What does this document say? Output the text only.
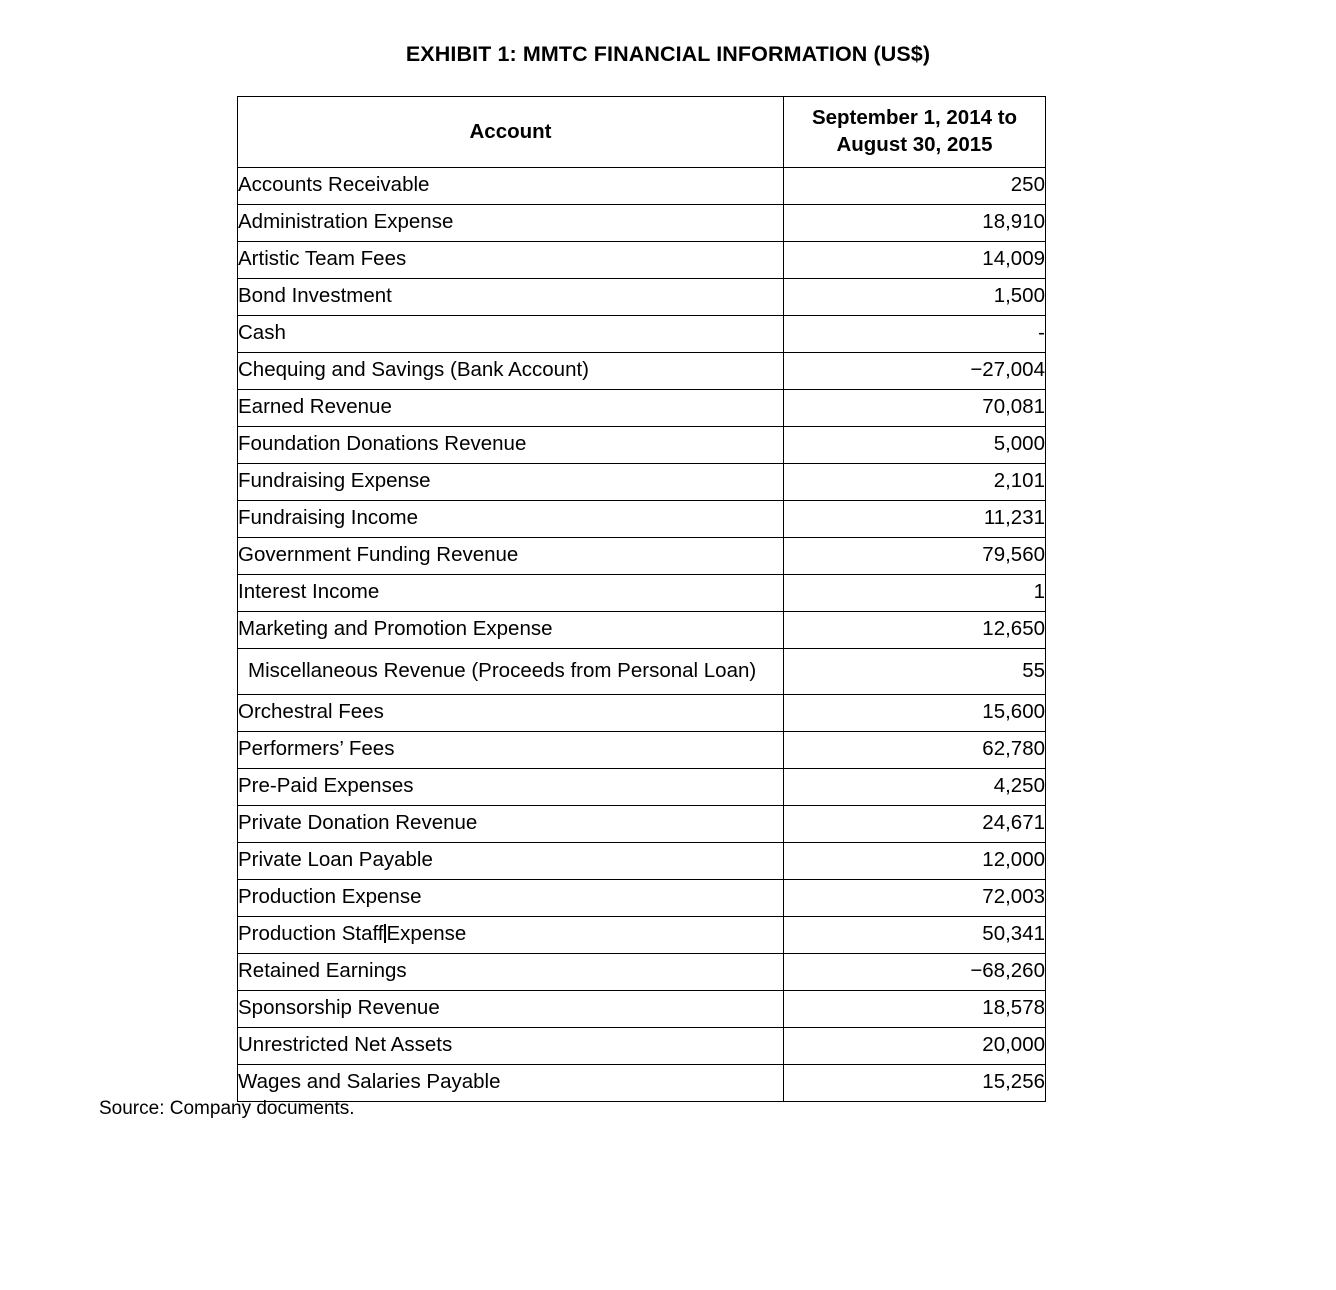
EXHIBIT 1: MMTC FINANCIAL INFORMATION (US$)
Account	September 1, 2014 to
August 30, 2015
Accounts Receivable	250
Administration Expense	18,910
Artistic Team Fees	14,009
Bond Investment	1,500
Cash	-
Chequing and Savings (Bank Account)	−27,004
Earned Revenue	70,081
Foundation Donations Revenue	5,000
Fundraising Expense	2,101
Fundraising Income	11,231
Government Funding Revenue	79,560
Interest Income	1
Marketing and Promotion Expense	12,650
Miscellaneous Revenue (Proceeds from Personal Loan)	55
Orchestral Fees	15,600
Performers’ Fees	62,780
Pre-Paid Expenses	4,250
Private Donation Revenue	24,671
Private Loan Payable	12,000
Production Expense	72,003
Production Staff Expense	50,341
Retained Earnings	−68,260
Sponsorship Revenue	18,578
Unrestricted Net Assets	20,000
Wages and Salaries Payable	15,256
Source: Company documents.
